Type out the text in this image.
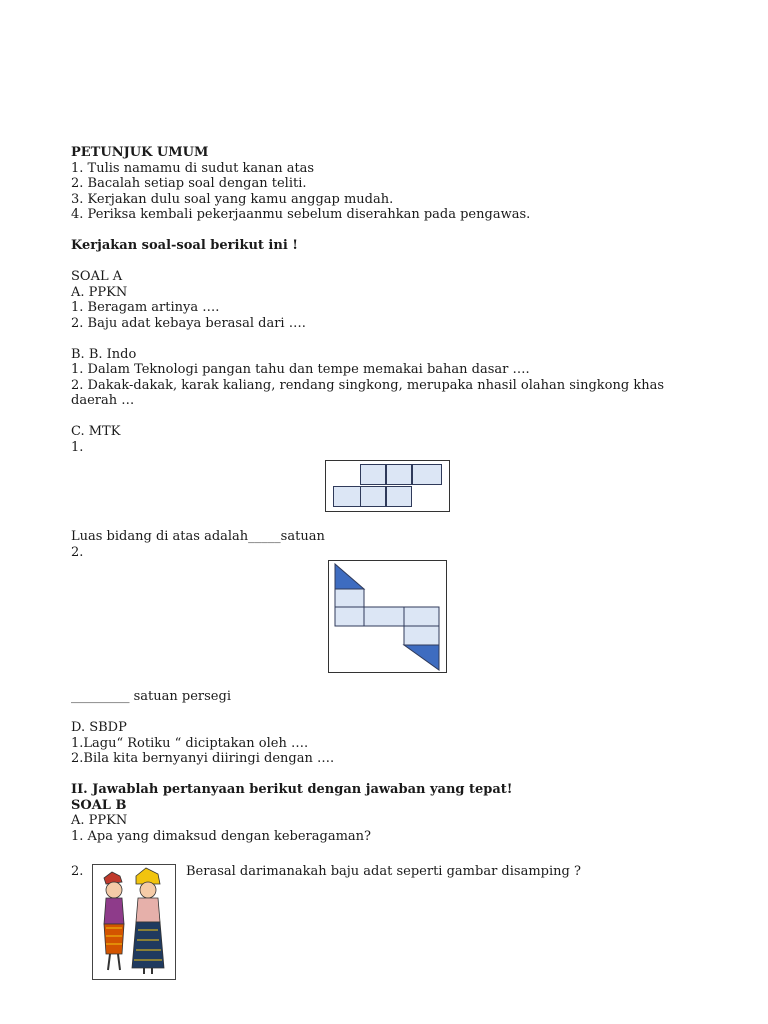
PETUNJUK UMUM
1. Tulis namamu di sudut kanan atas
2. Bacalah setiap soal dengan teliti.
3. Kerjakan dulu soal yang kamu anggap mudah.
4. Periksa kembali pekerjaanmu sebelum diserahkan pada pengawas.
Kerjakan soal-soal berikut ini !
SOAL A
A. PPKN
1. Beragam artinya ….
2. Baju adat kebaya berasal dari ….
B. B. Indo
1. Dalam Teknologi pangan tahu dan tempe memakai bahan dasar ….
2. Dakak-dakak, karak kaliang, rendang singkong, merupaka nhasil olahan singkong khas daerah …
C. MTK
1.
Luas bidang di atas adalah_____satuan
2.
_________ satuan persegi
D. SBDP
1.Lagu“ Rotiku “ diciptakan oleh ….
2.Bila kita bernyanyi diiringi dengan ….
II. Jawablah pertanyaan berikut dengan jawaban yang tepat!
SOAL B
A. PPKN
1. Apa yang dimaksud dengan keberagaman?
2.	Berasal darimanakah baju adat seperti gambar disamping ?
